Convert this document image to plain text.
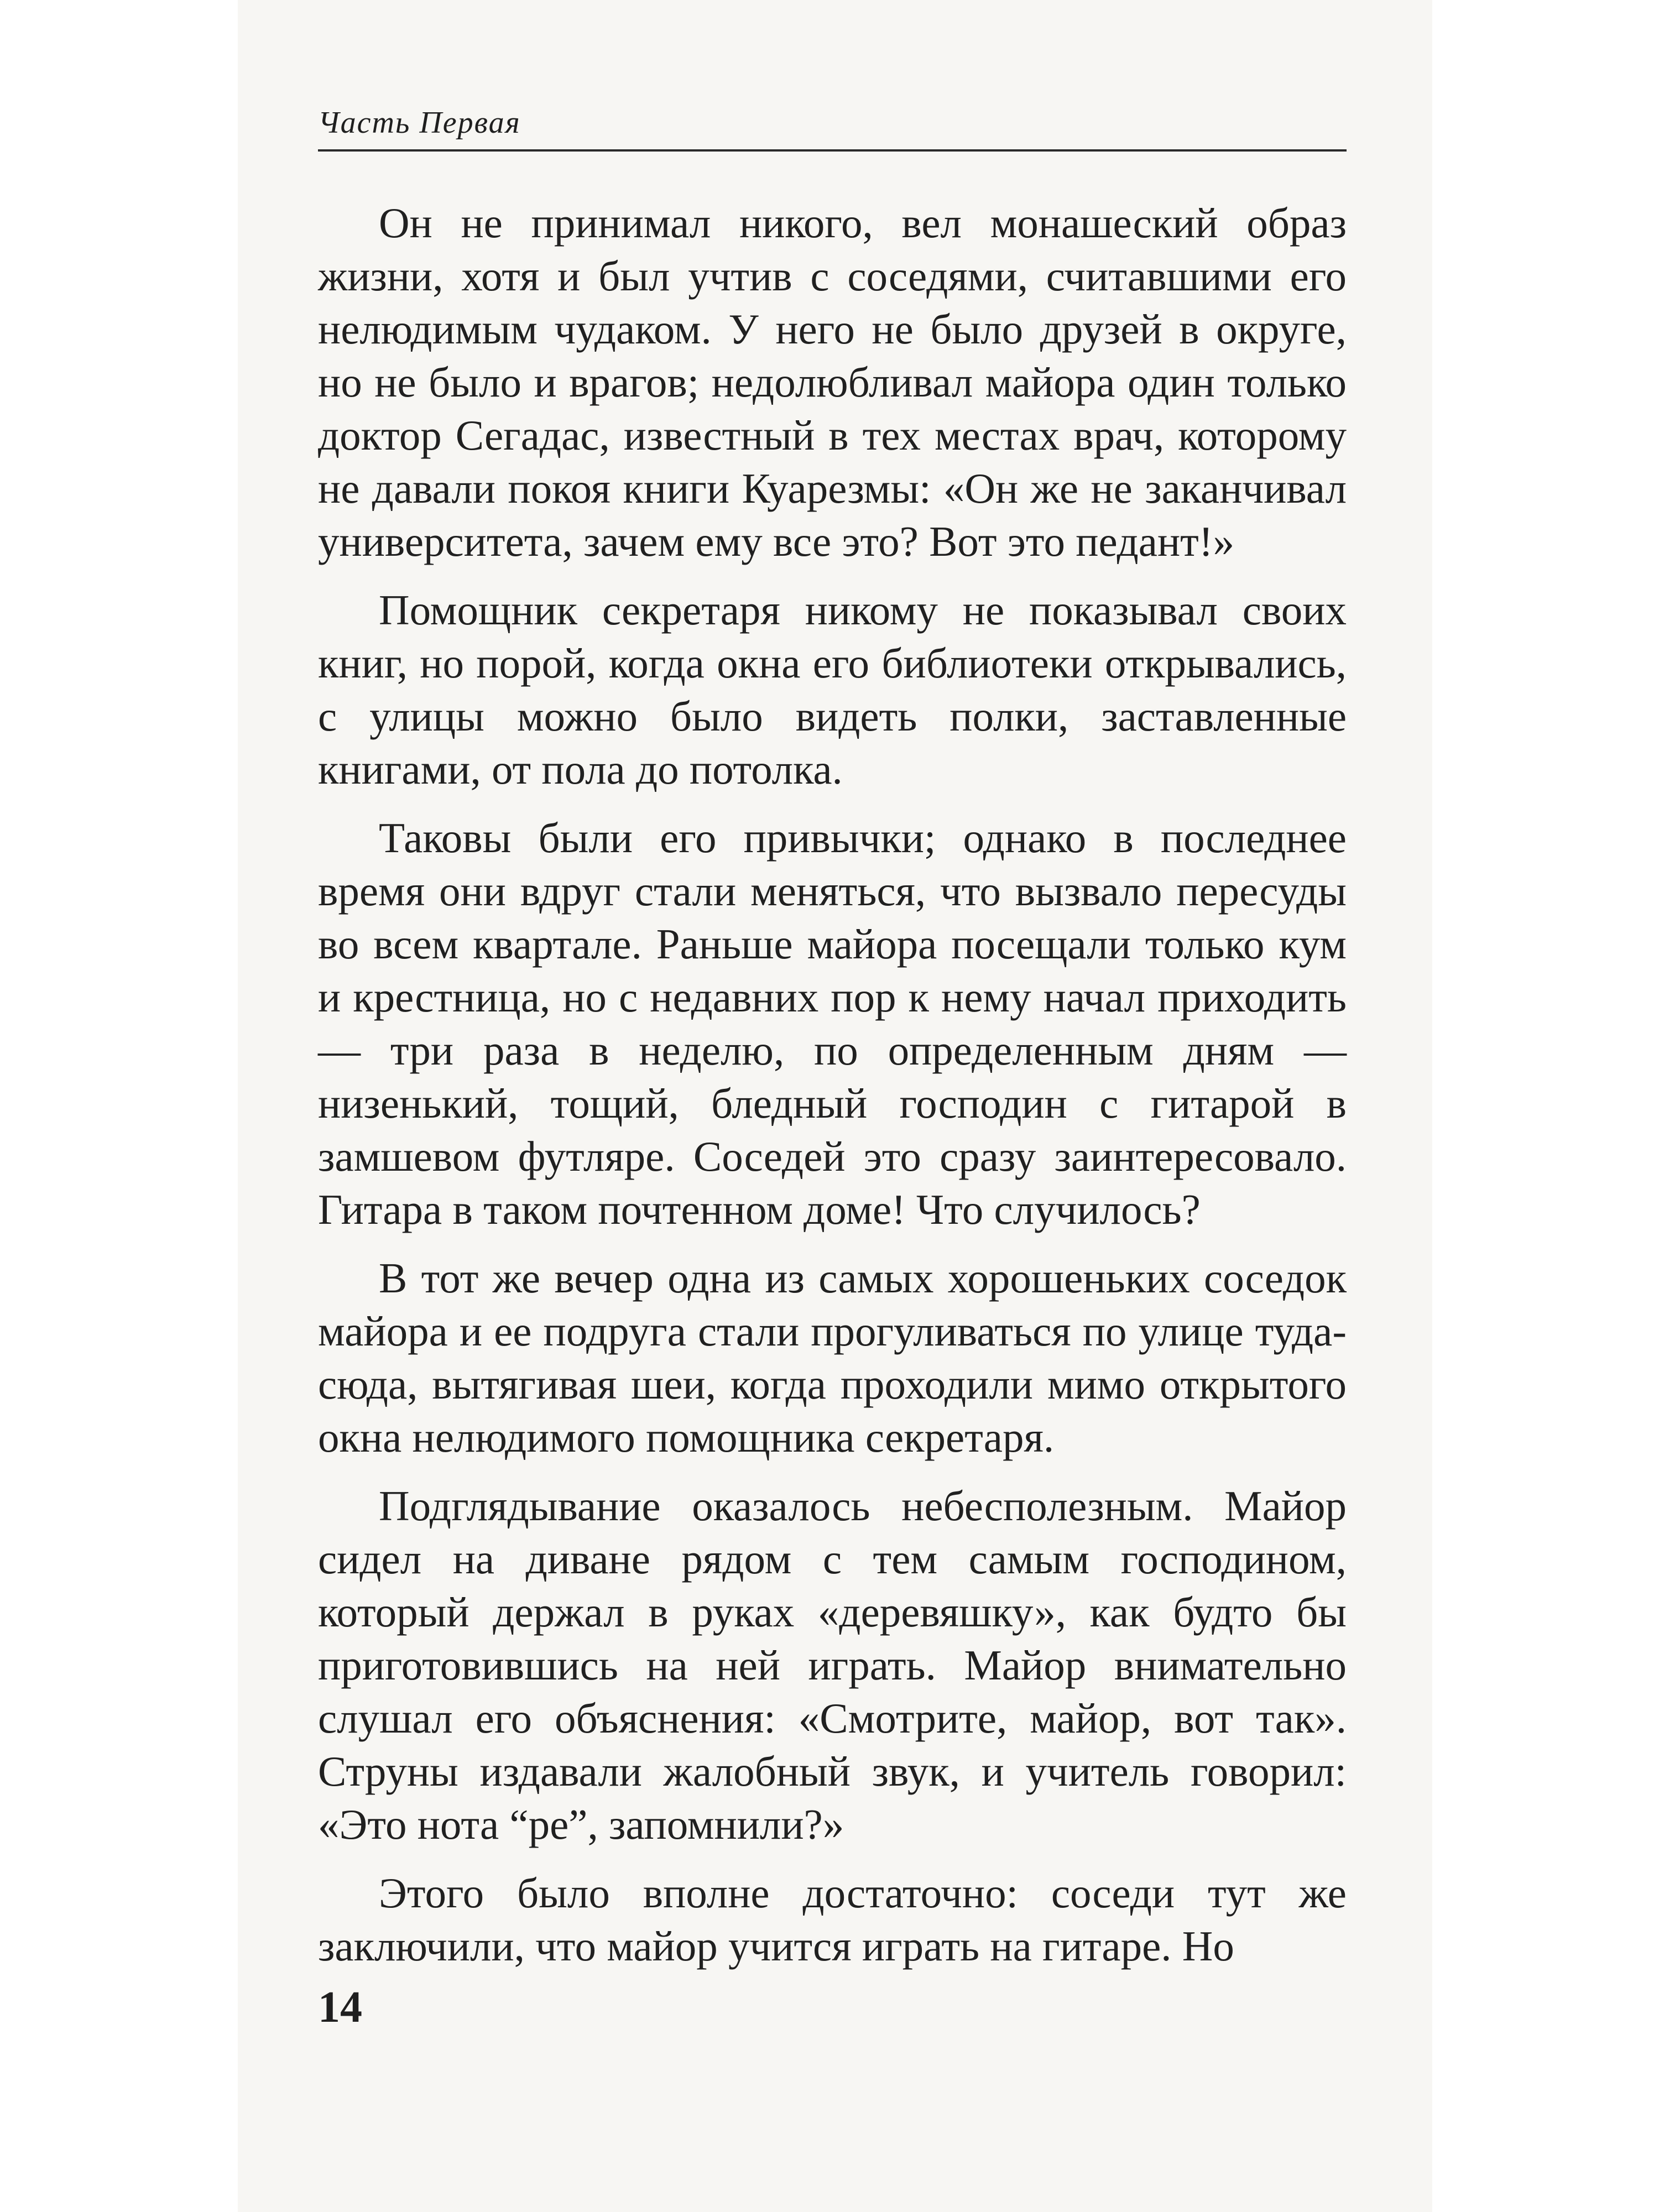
Часть Первая

Он не принимал никого, вел монашеский образ жизни, хотя и был учтив с соседями, считавшими его нелюдимым чудаком. У него не было друзей в округе, но не было и врагов; недолюбливал майора один только доктор Сегадас, известный в тех местах врач, которому не давали покоя книги Куарезмы: «Он же не заканчивал университета, зачем ему все это? Вот это педант!»

Помощник секретаря никому не показывал своих книг, но порой, когда окна его библиотеки открывались, с улицы можно было видеть полки, заставленные книгами, от пола до потолка.

Таковы были его привычки; однако в последнее время они вдруг стали меняться, что вызвало пересуды во всем квартале. Раньше майора посещали только кум и крестница, но с недавних пор к нему начал приходить — три раза в неделю, по определенным дням — низенький, тощий, бледный господин с гитарой в замшевом футляре. Соседей это сразу заинтересовало. Гитара в таком почтенном доме! Что случилось?

В тот же вечер одна из самых хорошеньких соседок майора и ее подруга стали прогуливаться по улице туда-сюда, вытягивая шеи, когда проходили мимо открытого окна нелюдимого помощника секретаря.

Подглядывание оказалось небесполезным. Майор сидел на диване рядом с тем самым господином, который держал в руках «деревяшку», как будто бы приготовившись на ней играть. Майор внимательно слушал его объяснения: «Смотрите, майор, вот так». Струны издавали жалобный звук, и учитель говорил: «Это нота “ре”, запомнили?»

Этого было вполне достаточно: соседи тут же заключили, что майор учится играть на гитаре. Но

14
